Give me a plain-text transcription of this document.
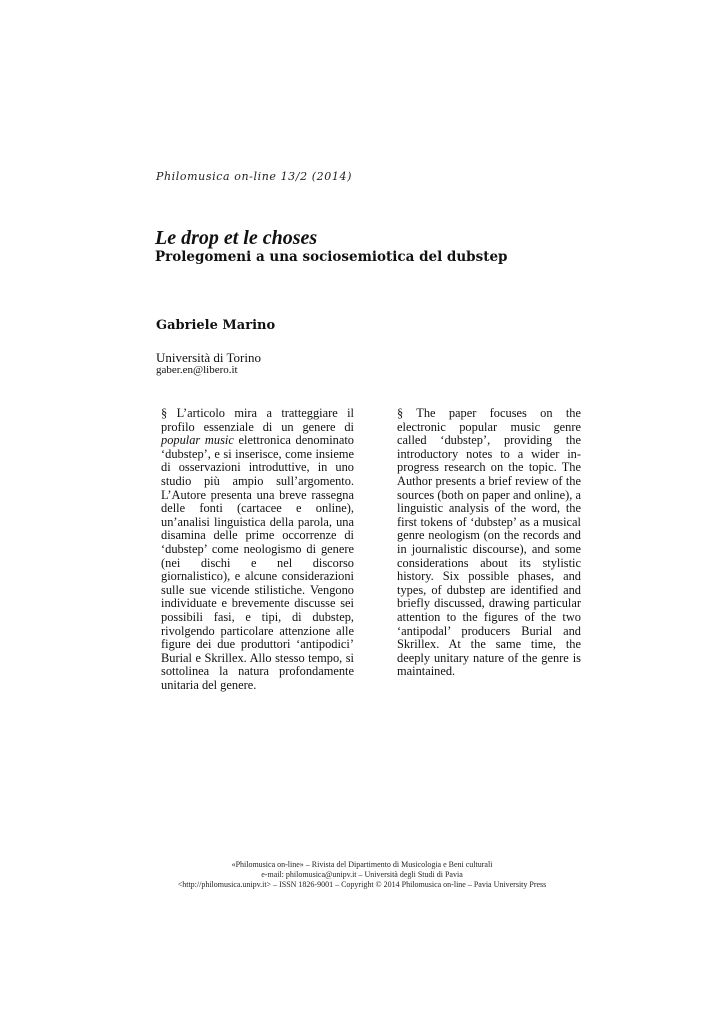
Philomusica on-line 13/2 (2014)
Le drop et le choses
Prolegomeni a una sociosemiotica del dubstep
Gabriele Marino
Università di Torino
gaber.en@libero.it
§ L’articolo mira a tratteggiare il profilo essenziale di un genere di popular music elettronica denominato ‘dubstep’, e si inserisce, come insieme di osservazioni introduttive, in uno studio più ampio sull’argomento. L’Autore presenta una breve rassegna delle fonti (cartacee e online), un’analisi linguistica della parola, una disamina delle prime occorrenze di ‘dubstep’ come neologismo di genere (nei dischi e nel discorso giornalistico), e alcune considerazioni sulle sue vicende stilistiche. Vengono individuate e brevemente discusse sei possibili fasi, e tipi, di dubstep, rivolgendo particolare attenzione alle figure dei due produttori ‘antipodici’ Burial e Skrillex. Allo stesso tempo, si sottolinea la natura profondamente unitaria del genere.
§ The paper focuses on the electronic popular music genre called ‘dubstep’, providing the introductory notes to a wider in-progress research on the topic. The Author presents a brief review of the sources (both on paper and online), a linguistic analysis of the word, the first tokens of ‘dubstep’ as a musical genre neologism (on the records and in journalistic discourse), and some considerations about its stylistic history. Six possible phases, and types, of dubstep are identified and briefly discussed, drawing particular attention to the figures of the two ‘antipodal’ producers Burial and Skrillex. At the same time, the deeply unitary nature of the genre is maintained.
«Philomusica on-line» – Rivista del Dipartimento di Musicologia e Beni culturali
e-mail: philomusica@unipv.it – Università degli Studi di Pavia
<http://philomusica.unipv.it> – ISSN 1826-9001 – Copyright © 2014 Philomusica on-line – Pavia University Press
